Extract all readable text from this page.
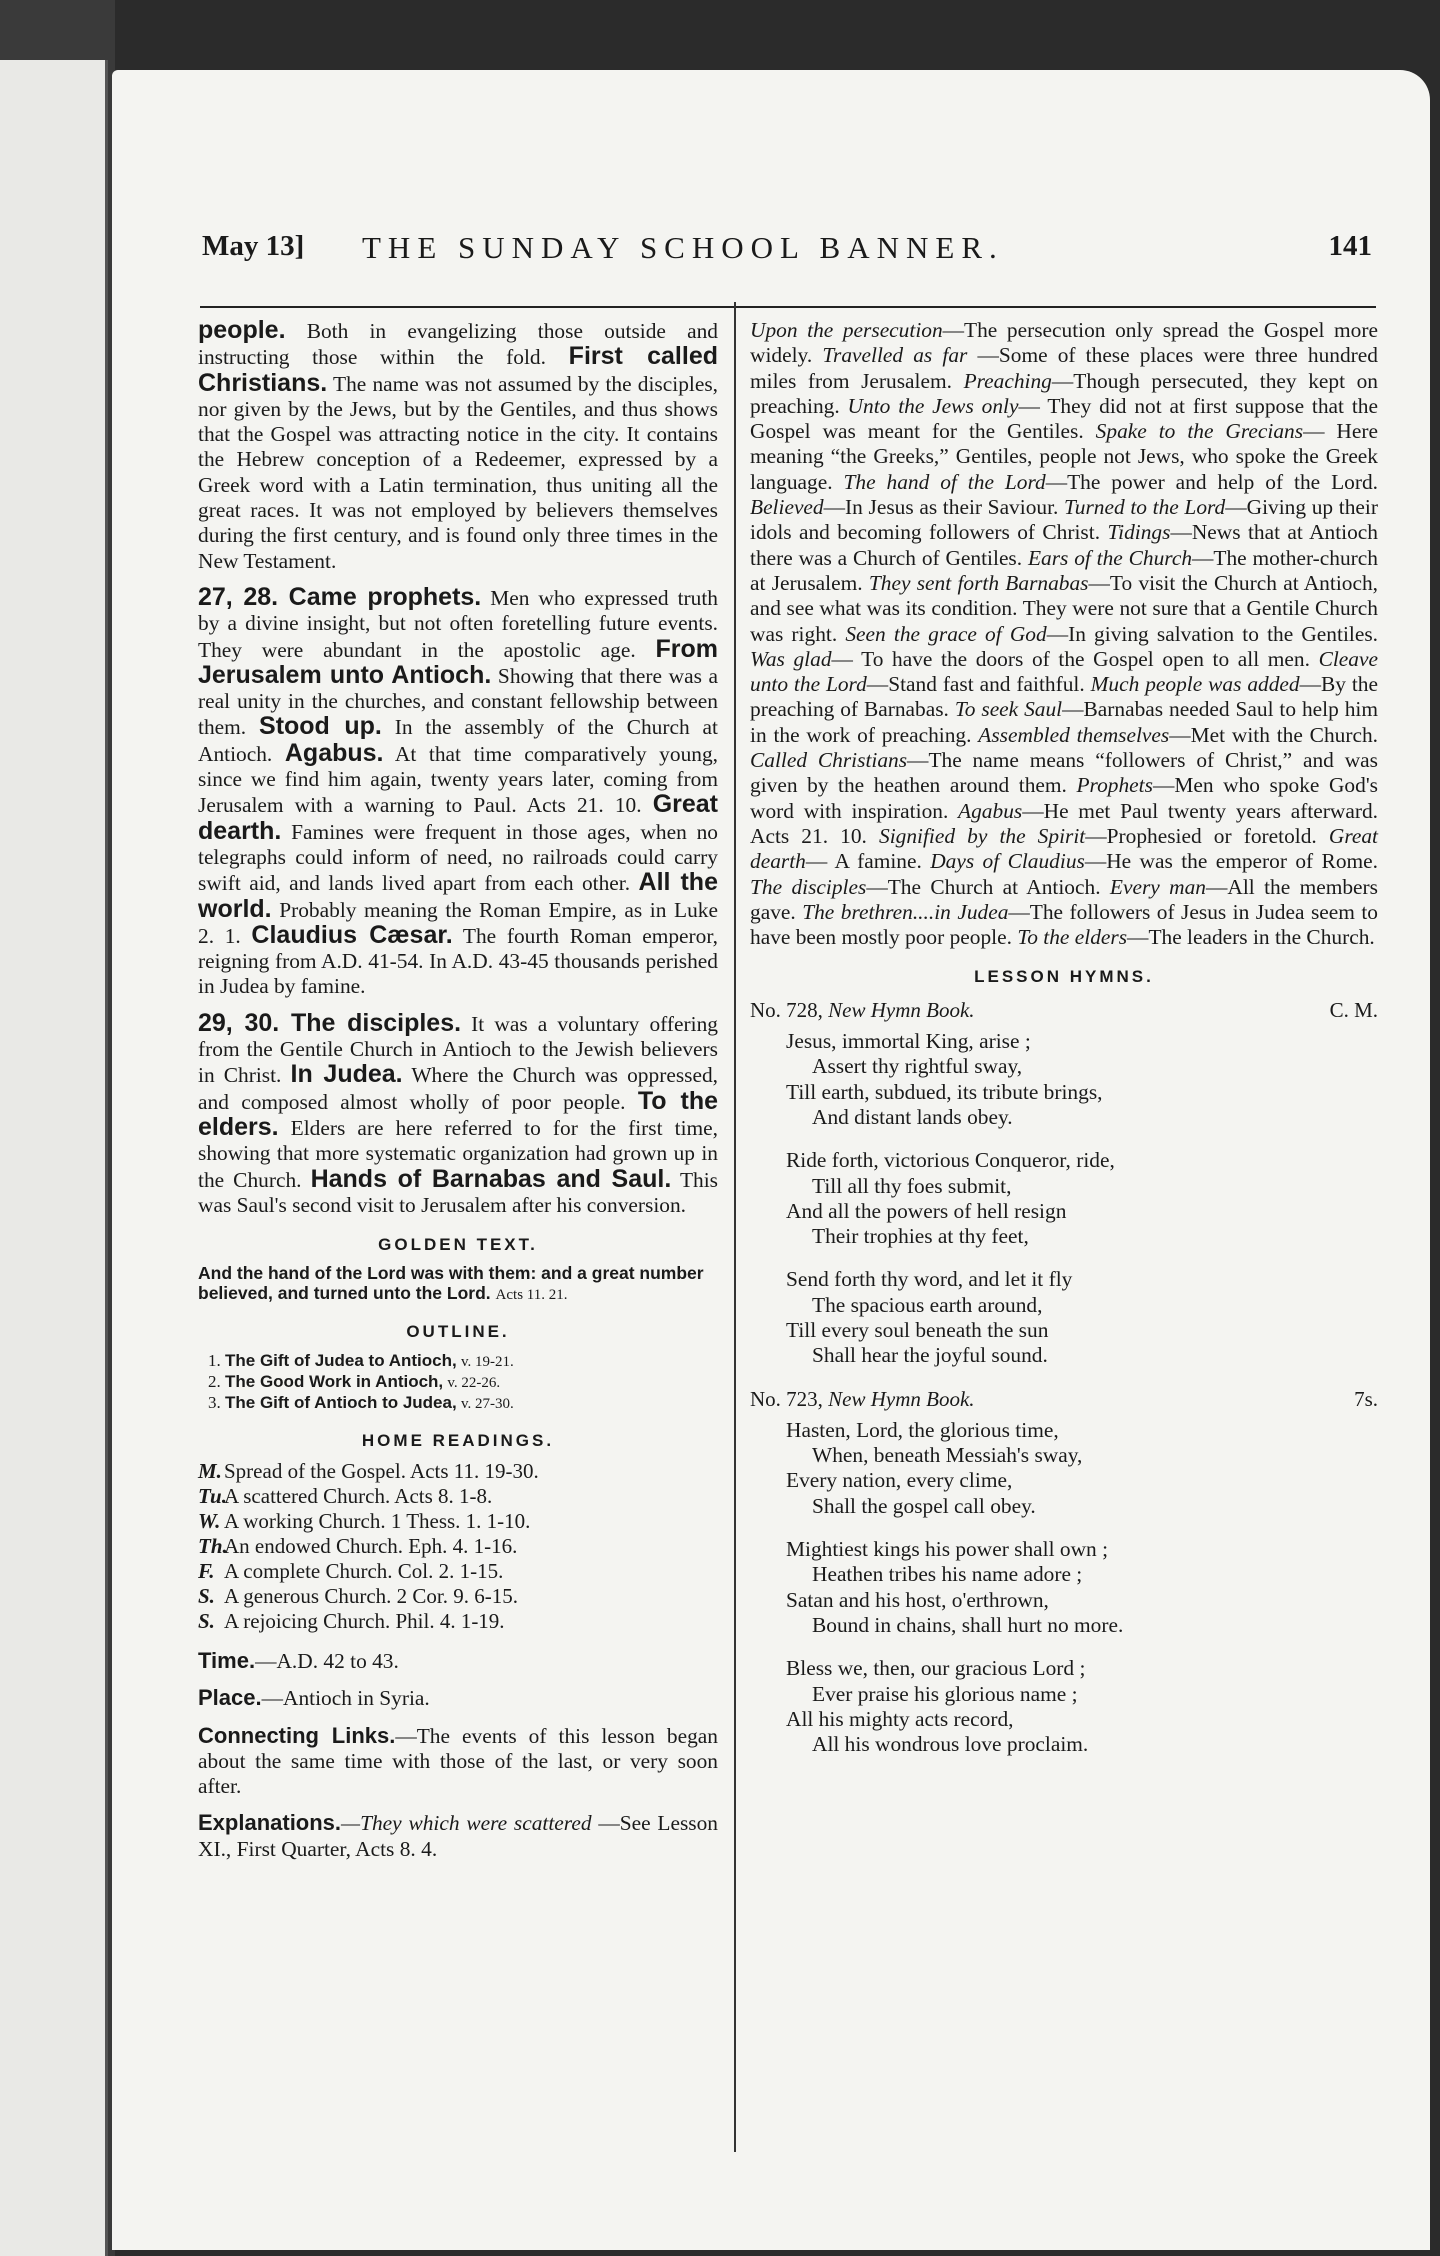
May 13] THE SUNDAY SCHOOL BANNER.	141

people. Both in evangelizing those outside and instructing those within the fold. First called Christians. The name was not assumed by the disciples, nor given by the Jews, but by the Gentiles, and thus shows that the Gospel was attracting notice in the city. It contains the Hebrew conception of a Redeemer, expressed by a Greek word with a Latin termination, thus uniting all the great races. It was not employed by believers themselves during the first century, and is found only three times in the New Testament.

27, 28. Came prophets. Men who expressed truth by a divine insight, but not often foretelling future events. They were abundant in the apostolic age. From Jerusalem unto Antioch. Showing that there was a real unity in the churches, and constant fellowship between them. Stood up. In the assembly of the Church at Antioch. Agabus. At that time comparatively young, since we find him again, twenty years later, coming from Jerusalem with a warning to Paul. Acts 21. 10. Great dearth. Famines were frequent in those ages, when no telegraphs could inform of need, no railroads could carry swift aid, and lands lived apart from each other. All the world. Probably meaning the Roman Empire, as in Luke 2. 1. Claudius Cæsar. The fourth Roman emperor, reigning from A.D. 41-54. In A.D. 43-45 thousands perished in Judea by famine.

29, 30. The disciples. It was a voluntary offering from the Gentile Church in Antioch to the Jewish believers in Christ. In Judea. Where the Church was oppressed, and composed almost wholly of poor people. To the elders. Elders are here referred to for the first time, showing that more systematic organization had grown up in the Church. Hands of Barnabas and Saul. This was Saul's second visit to Jerusalem after his conversion.

GOLDEN TEXT.
And the hand of the Lord was with them: and a great number believed, and turned unto the Lord. Acts 11. 21.
OUTLINE.
1. The Gift of Judea to Antioch, v. 19-21.
2. The Good Work in Antioch, v. 22-26.
3. The Gift of Antioch to Judea, v. 27-30.
HOME READINGS.
M.Spread of the Gospel. Acts 11. 19-30.
Tu.A scattered Church. Acts 8. 1-8.
W. A working Church. 1 Thess. 1. 1-10.
Th.An endowed Church. Eph. 4. 1-16.
F. A complete Church. Col. 2. 1-15.
S. A generous Church. 2 Cor. 9. 6-15.
S. A rejoicing Church. Phil. 4. 1-19.

Time.—A.D. 42 to 43.

Place.—Antioch in Syria.

Connecting Links.—The events of this lesson began about the same time with those of the last, or very soon after.

Explanations.—They which were scattered —See Lesson XI., First Quarter, Acts 8. 4.

Upon the persecution—The persecution only spread the Gospel more widely. Travelled as far —Some of these places were three hundred miles from Jerusalem. Preaching—Though persecuted, they kept on preaching. Unto the Jews only— They did not at first suppose that the Gospel was meant for the Gentiles. Spake to the Grecians— Here meaning “the Greeks,” Gentiles, people not Jews, who spoke the Greek language. The hand of the Lord—The power and help of the Lord. Believed—In Jesus as their Saviour. Turned to the Lord—Giving up their idols and becoming followers of Christ. Tidings—News that at Antioch there was a Church of Gentiles. Ears of the Church—The mother-church at Jerusalem. They sent forth Barnabas—To visit the Church at Antioch, and see what was its condition. They were not sure that a Gentile Church was right. Seen the grace of God—In giving salvation to the Gentiles. Was glad— To have the doors of the Gospel open to all men. Cleave unto the Lord—Stand fast and faithful. Much people was added—By the preaching of Barnabas. To seek Saul—Barnabas needed Saul to help him in the work of preaching. Assembled themselves—Met with the Church. Called Christians—The name means “followers of Christ,” and was given by the heathen around them. Prophets—Men who spoke God's word with inspiration. Agabus—He met Paul twenty years afterward. Acts 21. 10. Signified by the Spirit—Prophesied or foretold. Great dearth— A famine. Days of Claudius—He was the emperor of Rome. The disciples—The Church at Antioch. Every man—All the members gave. The brethren....in Judea—The followers of Jesus in Judea seem to have been mostly poor people. To the elders—The leaders in the Church.

LESSON HYMNS.
No. 728, New Hymn Book.	C. M.
Jesus, immortal King, arise ;
Assert thy rightful sway,
Till earth, subdued, its tribute brings,
And distant lands obey.
Ride forth, victorious Conqueror, ride,
Till all thy foes submit,
And all the powers of hell resign
Their trophies at thy feet,
Send forth thy word, and let it fly
The spacious earth around,
Till every soul beneath the sun
Shall hear the joyful sound.
No. 723, New Hymn Book.	7s.
Hasten, Lord, the glorious time,
When, beneath Messiah's sway,
Every nation, every clime,
Shall the gospel call obey.
Mightiest kings his power shall own ;
Heathen tribes his name adore ;
Satan and his host, o'erthrown,
Bound in chains, shall hurt no more.
Bless we, then, our gracious Lord ;
Ever praise his glorious name ;
All his mighty acts record,
All his wondrous love proclaim.
